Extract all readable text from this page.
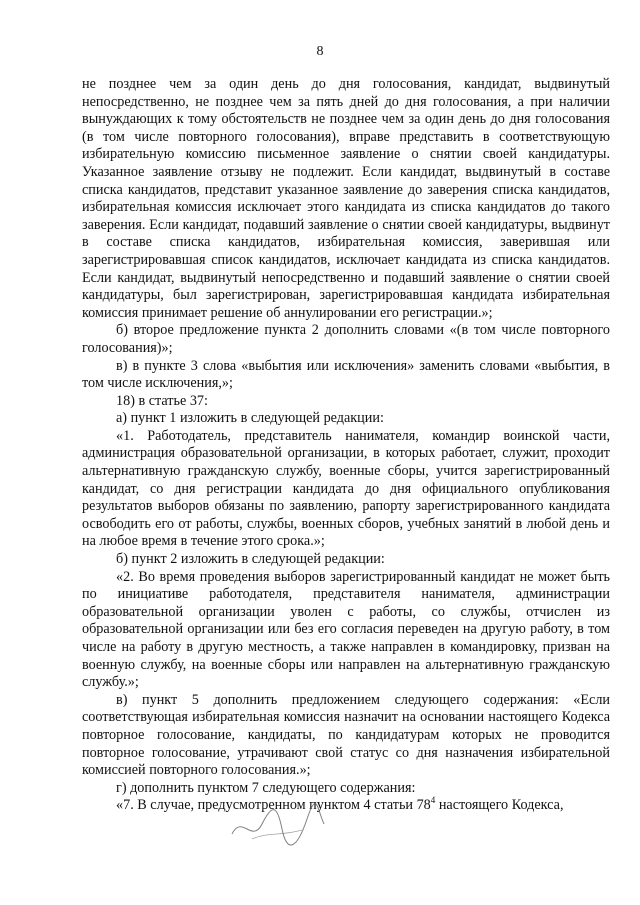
8

не позднее чем за один день до дня голосования, кандидат, выдвинутый непосредственно, не позднее чем за пять дней до дня голосования, а при наличии вынуждающих к тому обстоятельств не позднее чем за один день до дня голосования (в том числе повторного голосования), вправе представить в соответствующую избирательную комиссию письменное заявление о снятии своей кандидатуры. Указанное заявление отзыву не подлежит. Если кандидат, выдвинутый в составе списка кандидатов, представит указанное заявление до заверения списка кандидатов, избирательная комиссия исключает этого кандидата из списка кандидатов до такого заверения. Если кандидат, подавший заявление о снятии своей кандидатуры, выдвинут в составе списка кандидатов, избирательная комиссия, заверившая или зарегистрировавшая список кандидатов, исключает кандидата из списка кандидатов. Если кандидат, выдвинутый непосредственно и подавший заявление о снятии своей кандидатуры, был зарегистрирован, зарегистрировавшая кандидата избирательная комиссия принимает решение об аннулировании его регистрации.»;

б) второе предложение пункта 2 дополнить словами «(в том числе повторного голосования)»;

в) в пункте 3 слова «выбытия или исключения» заменить словами «выбытия, в том числе исключения,»;

18) в статье 37:

а) пункт 1 изложить в следующей редакции:

«1. Работодатель, представитель нанимателя, командир воинской части, администрация образовательной организации, в которых работает, служит, проходит альтернативную гражданскую службу, военные сборы, учится зарегистрированный кандидат, со дня регистрации кандидата до дня официального опубликования результатов выборов обязаны по заявлению, рапорту зарегистрированного кандидата освободить его от работы, службы, военных сборов, учебных занятий в любой день и на любое время в течение этого срока.»;

б) пункт 2 изложить в следующей редакции:

«2. Во время проведения выборов зарегистрированный кандидат не может быть по инициативе работодателя, представителя нанимателя, администрации образовательной организации уволен с работы, со службы, отчислен из образовательной организации или без его согласия переведен на другую работу, в том числе на работу в другую местность, а также направлен в командировку, призван на военную службу, на военные сборы или направлен на альтернативную гражданскую службу.»;

в) пункт 5 дополнить предложением следующего содержания: «Если соответствующая избирательная комиссия назначит на основании настоящего Кодекса повторное голосование, кандидаты, по кандидатурам которых не проводится повторное голосование, утрачивают свой статус со дня назначения избирательной комиссией повторного голосования.»;

г) дополнить пунктом 7 следующего содержания:

«7. В случае, предусмотренном пунктом 4 статьи $78^4$ настоящего Кодекса,
